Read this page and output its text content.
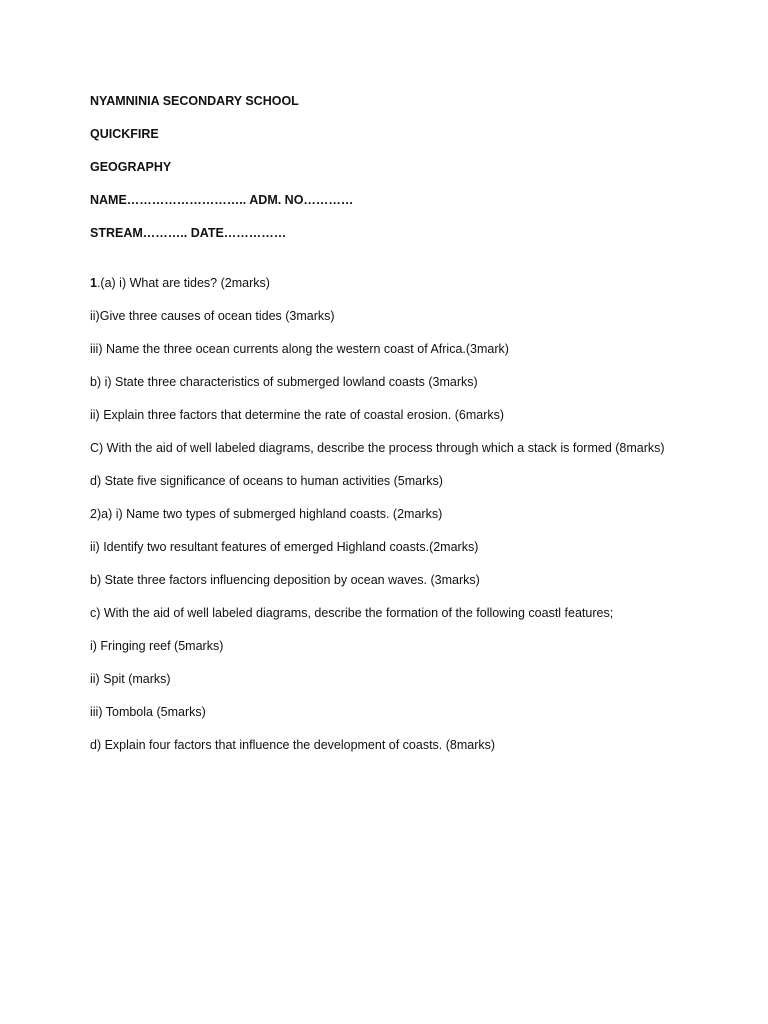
NYAMNINIA SECONDARY SCHOOL
QUICKFIRE
GEOGRAPHY
NAME……………………….. ADM. NO…………
STREAM……….. DATE……………
1.(a) i) What are tides? (2marks)
ii)Give three causes of ocean tides (3marks)
iii) Name the three ocean currents along the western coast of Africa.(3mark)
b) i) State three characteristics of submerged lowland coasts (3marks)
ii) Explain three factors that determine the rate of coastal erosion. (6marks)
C) With the aid of well labeled diagrams, describe the process through which a stack is formed (8marks)
d) State five significance of oceans to human activities (5marks)
2)a) i) Name two types of submerged highland coasts. (2marks)
ii) Identify two resultant features of emerged Highland coasts.(2marks)
b) State three factors influencing deposition by ocean waves. (3marks)
c) With the aid of well labeled diagrams, describe the formation of the following coastl features;
i) Fringing reef (5marks)
ii) Spit (marks)
iii) Tombola (5marks)
d) Explain four factors that influence the development of coasts. (8marks)
